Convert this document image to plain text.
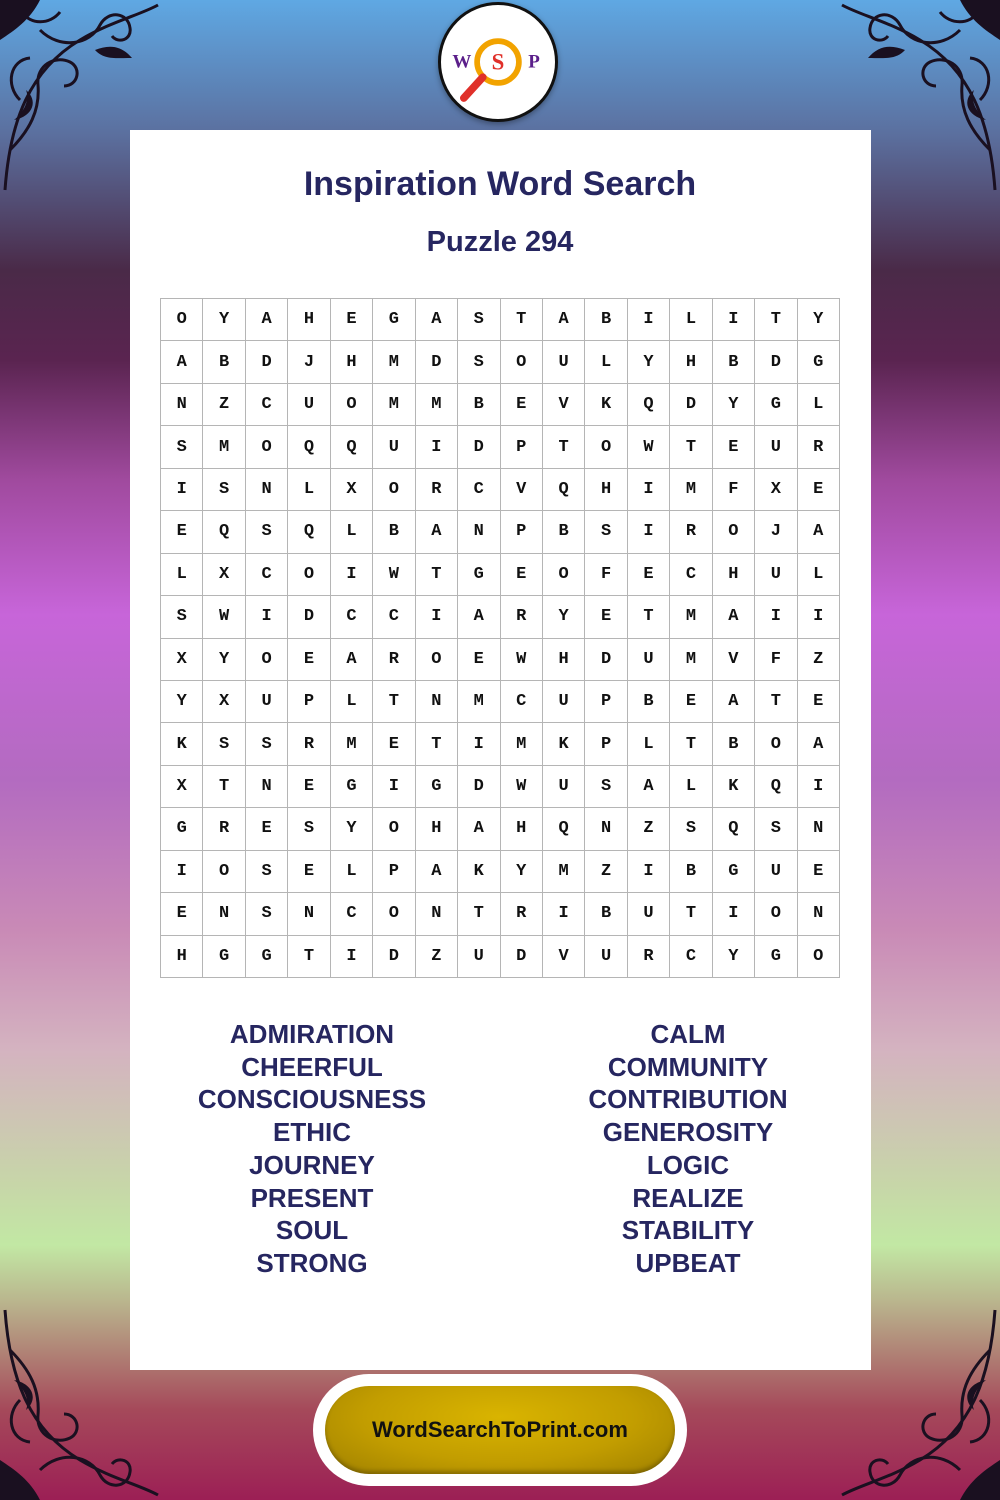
W S P
Inspiration Word Search
Puzzle 294
O	Y	A	H	E	G	A	S	T	A	B	I	L	I	T	Y
A	B	D	J	H	M	D	S	O	U	L	Y	H	B	D	G
N	Z	C	U	O	M	M	B	E	V	K	Q	D	Y	G	L
S	M	O	Q	Q	U	I	D	P	T	O	W	T	E	U	R
I	S	N	L	X	O	R	C	V	Q	H	I	M	F	X	E
E	Q	S	Q	L	B	A	N	P	B	S	I	R	O	J	A
L	X	C	O	I	W	T	G	E	O	F	E	C	H	U	L
S	W	I	D	C	C	I	A	R	Y	E	T	M	A	I	I
X	Y	O	E	A	R	O	E	W	H	D	U	M	V	F	Z
Y	X	U	P	L	T	N	M	C	U	P	B	E	A	T	E
K	S	S	R	M	E	T	I	M	K	P	L	T	B	O	A
X	T	N	E	G	I	G	D	W	U	S	A	L	K	Q	I
G	R	E	S	Y	O	H	A	H	Q	N	Z	S	Q	S	N
I	O	S	E	L	P	A	K	Y	M	Z	I	B	G	U	E
E	N	S	N	C	O	N	T	R	I	B	U	T	I	O	N
H	G	G	T	I	D	Z	U	D	V	U	R	C	Y	G	O
ADMIRATION
CHEERFUL
CONSCIOUSNESS
ETHIC
JOURNEY
PRESENT
SOUL
STRONG
CALM
COMMUNITY
CONTRIBUTION
GENEROSITY
LOGIC
REALIZE
STABILITY
UPBEAT
WordSearchToPrint.com
